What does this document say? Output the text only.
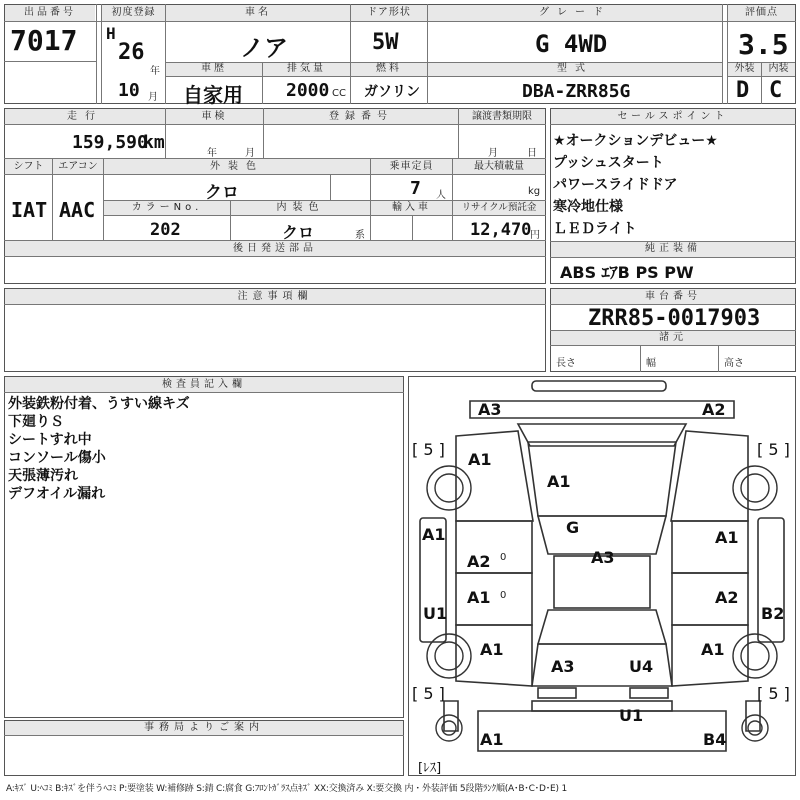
出品番号
7017
初度登録
H
26
年
10 月
車名
ノア
ドア形状
5W
グレード
G 4WD
評価点
3.5
車歴
自家用
排気量
2000 CC
燃料
ガソリン
型式
DBA-ZRR85G
外装	内装
D C
走行
159,590
km
車検
年	月
登録番号	譲渡書類期限
月	日
シフト
IAT
エアコン
AAC
外装色
クロ
乗車定員
7 人
最大積載量
kg
カラーNo.
202
内装色
クロ	系
輸入車	リサイクル預託金
12,470
円
後日発送部品
セールスポイント
★オークションデビュー★
プッシュスタート
パワースライドドア
寒冷地仕様
ＬＥＤライト
純正装備
ABS ｴｱB PS PW
注意事項欄	車台番号
ZRR85-0017903
諸元
長さ	幅	高さ
検査員記入欄
外装鉄粉付着、うすい線キズ
下廻りＳ
シートすれ中
コンソール傷小
天張薄汚れ
デフオイル漏れ
事務局よりご案内
A3	A2
[ 5 ]	[ 5 ]
A1
A1
G
A1	A1
A3
A2 0
A1 0	A2
U1	B2
A1	A1
A3	U4
[ 5 ]	[ 5 ]
U1
A1	B4
[ﾚｽ]
A:ｷｽﾞ U:ﾍｺﾐ B:ｷｽﾞを伴うﾍｺﾐ P:要塗装 W:補修跡 S:錆 C:腐食 G:ﾌﾛﾝﾄｶﾞﾗｽ点ｷｽﾞ XX:交換済み X:要交換 内・外装評価 5段階ﾗﾝｸ順(A･B･C･D･E) 1
